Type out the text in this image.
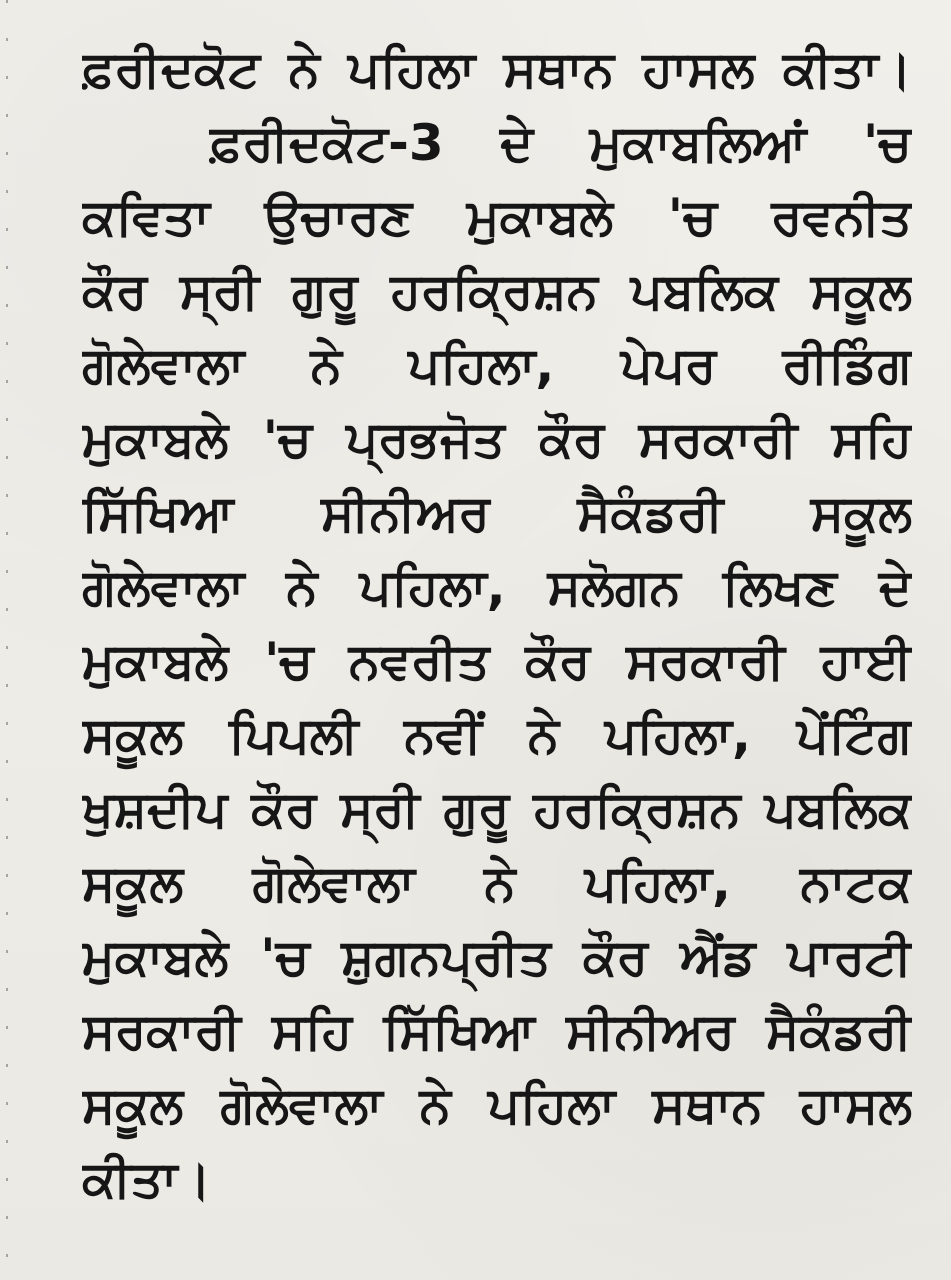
ਫ਼ਰੀਦਕੋਟ ਨੇ ਪਹਿਲਾ ਸਥਾਨ ਹਾਸਲ ਕੀਤਾ।
ਫ਼ਰੀਦਕੋਟ-3 ਦੇ ਮੁਕਾਬਲਿਆਂ 'ਚ
ਕਵਿਤਾ ਉਚਾਰਣ ਮੁਕਾਬਲੇ 'ਚ ਰਵਨੀਤ
ਕੌਰ ਸ੍ਰੀ ਗੁਰੂ ਹਰਕ੍ਰਿਸ਼ਨ ਪਬਲਿਕ ਸਕੂਲ
ਗੋਲੇਵਾਲਾ ਨੇ ਪਹਿਲਾ, ਪੇਪਰ ਰੀਡਿੰਗ
ਮੁਕਾਬਲੇ 'ਚ ਪ੍ਰਭਜੋਤ ਕੌਰ ਸਰਕਾਰੀ ਸਹਿ
ਸਿੱਖਿਆ ਸੀਨੀਅਰ ਸੈਕੰਡਰੀ ਸਕੂਲ
ਗੋਲੇਵਾਲਾ ਨੇ ਪਹਿਲਾ, ਸਲੋਗਨ ਲਿਖਣ ਦੇ
ਮੁਕਾਬਲੇ 'ਚ ਨਵਰੀਤ ਕੌਰ ਸਰਕਾਰੀ ਹਾਈ
ਸਕੂਲ ਪਿਪਲੀ ਨਵੀਂ ਨੇ ਪਹਿਲਾ, ਪੇਂਟਿੰਗ
ਖੁਸ਼ਦੀਪ ਕੌਰ ਸ੍ਰੀ ਗੁਰੂ ਹਰਕ੍ਰਿਸ਼ਨ ਪਬਲਿਕ
ਸਕੂਲ ਗੋਲੇਵਾਲਾ ਨੇ ਪਹਿਲਾ, ਨਾਟਕ
ਮੁਕਾਬਲੇ 'ਚ ਸ਼ੁਗਨਪ੍ਰੀਤ ਕੌਰ ਐਂਡ ਪਾਰਟੀ
ਸਰਕਾਰੀ ਸਹਿ ਸਿੱਖਿਆ ਸੀਨੀਅਰ ਸੈਕੰਡਰੀ
ਸਕੂਲ ਗੋਲੇਵਾਲਾ ਨੇ ਪਹਿਲਾ ਸਥਾਨ ਹਾਸਲ
ਕੀਤਾ।
